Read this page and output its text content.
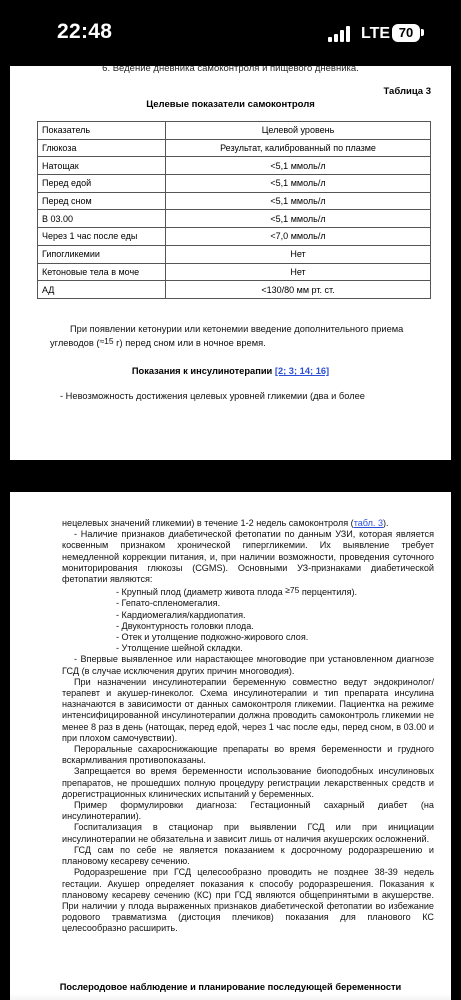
22:48	LTE 70
6. Ведение дневника самоконтроля и пищевого дневника.
Таблица 3
Целевые показатели самоконтроля
Показатель	Целевой уровень
Глюкоза	Результат, калиброванный по плазме
Натощак	<5,1 ммоль/л
Перед едой	<5,1 ммоль/л
Перед сном	<5,1 ммоль/л
В 03.00	<5,1 ммоль/л
Через 1 час после еды	<7,0 ммоль/л
Гипогликемии	Нет
Кетоновые тела в моче	Нет
АД	<130/80 мм рт. ст.
При появлении кетонурии или кетонемии введение дополнительного приема
углеводов (≈15 г) перед сном или в ночное время.
Показания к инсулинотерапии [2; 3; 14; 16]
- Невозможность достижения целевых уровней гликемии (два и более

нецелевых значений гликемии) в течение 1-2 недель самоконтроля (табл. 3).

- Наличие признаков диабетической фетопатии по данным УЗИ, которая является косвенным признаком хронической гипергликемии. Их выявление требует немедленной коррекции питания, и, при наличии возможности, проведения суточного мониторирования глюкозы (CGMS). Основными УЗ-признаками диабетической фетопатии являются:

- Крупный плод (диаметр живота плода ≥75 перцентиля).

- Гепато-спленомегалия.

- Кардиомегалия/кардиопатия.

- Двуконтурность головки плода.

- Отек и утолщение подкожно-жирового слоя.

- Утолщение шейной складки.

- Впервые выявленное или нарастающее многоводие при установленном диагнозе ГСД (в случае исключения других причин многоводия).

При назначении инсулинотерапии беременную совместно ведут эндокринолог/терапевт и акушер-гинеколог. Схема инсулинотерапии и тип препарата инсулина назначаются в зависимости от данных самоконтроля гликемии. Пациентка на режиме интенсифицированной инсулинотерапии должна проводить самоконтроль гликемии не менее 8 раз в день (натощак, перед едой, через 1 час после еды, перед сном, в 03.00 и при плохом самочувствии).

Пероральные сахароснижающие препараты во время беременности и грудного вскармливания противопоказаны.

Запрещается во время беременности использование биоподобных инсулиновых препаратов, не прошедших полную процедуру регистрации лекарственных средств и дорегистрационных клинических испытаний у беременных.

Пример формулировки диагноза: Гестационный сахарный диабет (на инсулинотерапии).

Госпитализация в стационар при выявлении ГСД или при инициации инсулинотерапии не обязательна и зависит лишь от наличия акушерских осложнений.

ГСД сам по себе не является показанием к досрочному родоразрешению и плановому кесареву сечению.

Родоразрешение при ГСД целесообразно проводить не позднее 38-39 недель гестации. Акушер определяет показания к способу родоразрешения. Показания к плановому кесареву сечению (КС) при ГСД являются общепринятыми в акушерстве. При наличии у плода выраженных признаков диабетической фетопатии во избежание родового травматизма (дистоция плечиков) показания для планового КС целесообразно расширить.

Послеродовое наблюдение и планирование последующей беременности
